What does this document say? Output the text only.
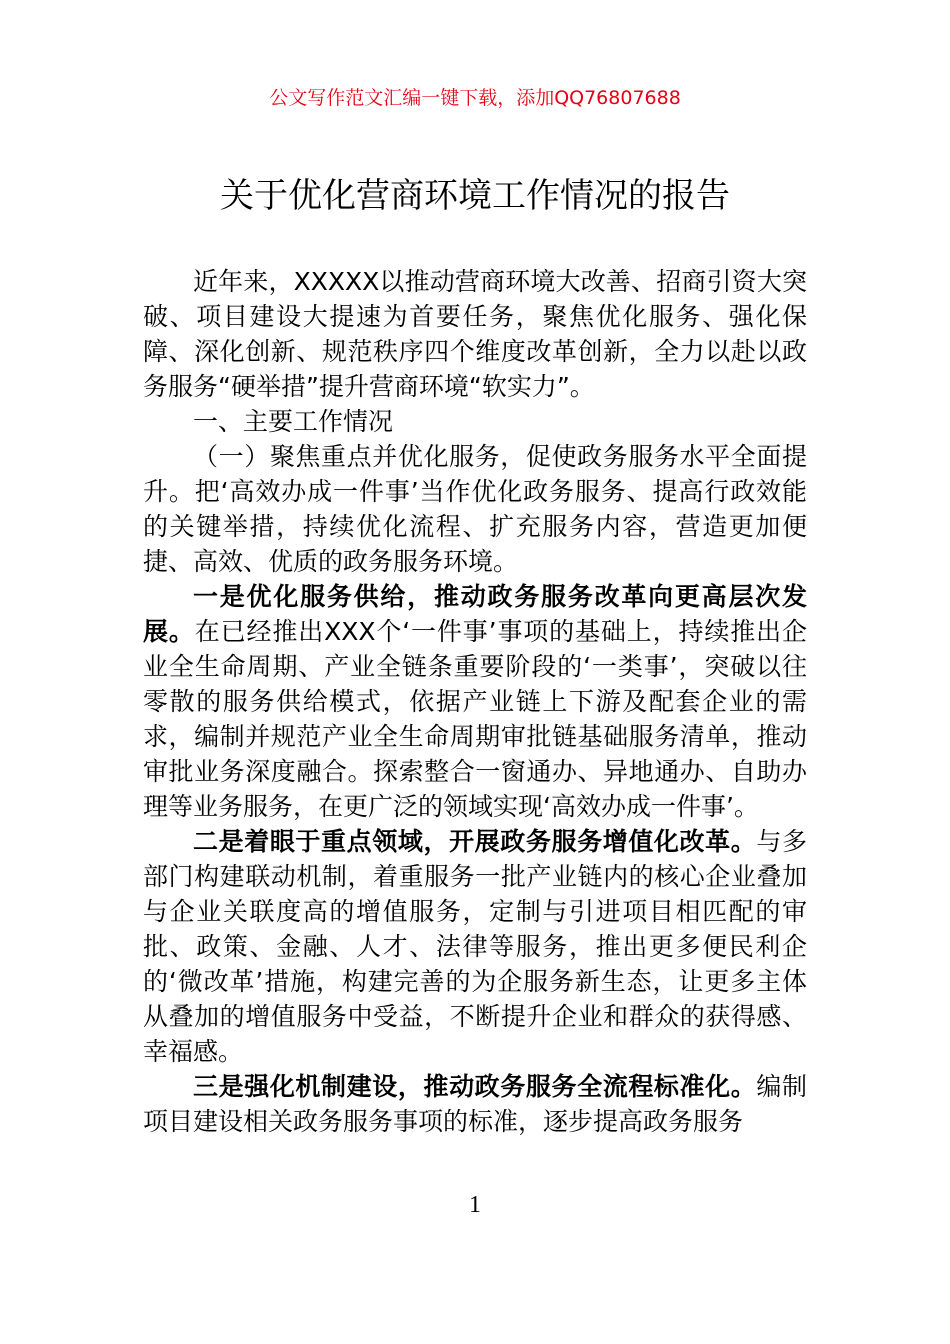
公文写作范文汇编一键下载，添加QQ76807688
关于优化营商环境工作情况的报告

近年来，XXXXX以推动营商环境大改善、招商引资大突破、项目建设大提速为首要任务，聚焦优化服务、强化保障、深化创新、规范秩序四个维度改革创新，全力以赴以政务服务“硬举措”提升营商环境“软实力”。

一、主要工作情况

（一）聚焦重点并优化服务，促使政务服务水平全面提升。把‘高效办成一件事’当作优化政务服务、提高行政效能的关键举措，持续优化流程、扩充服务内容，营造更加便捷、高效、优质的政务服务环境。

一是优化服务供给，推动政务服务改革向更高层次发展。在已经推出XXX个‘一件事’事项的基础上，持续推出企业全生命周期、产业全链条重要阶段的‘一类事’，突破以往零散的服务供给模式，依据产业链上下游及配套企业的需求，编制并规范产业全生命周期审批链基础服务清单，推动审批业务深度融合。探索整合一窗通办、异地通办、自助办理等业务服务，在更广泛的领域实现‘高效办成一件事’。

二是着眼于重点领域，开展政务服务增值化改革。与多部门构建联动机制，着重服务一批产业链内的核心企业叠加与企业关联度高的增值服务，定制与引进项目相匹配的审批、政策、金融、人才、法律等服务，推出更多便民利企的‘微改革’措施，构建完善的为企服务新生态，让更多主体从叠加的增值服务中受益，不断提升企业和群众的获得感、幸福感。

三是强化机制建设，推动政务服务全流程标准化。编制项目建设相关政务服务事项的标准，逐步提高政务服务

1
